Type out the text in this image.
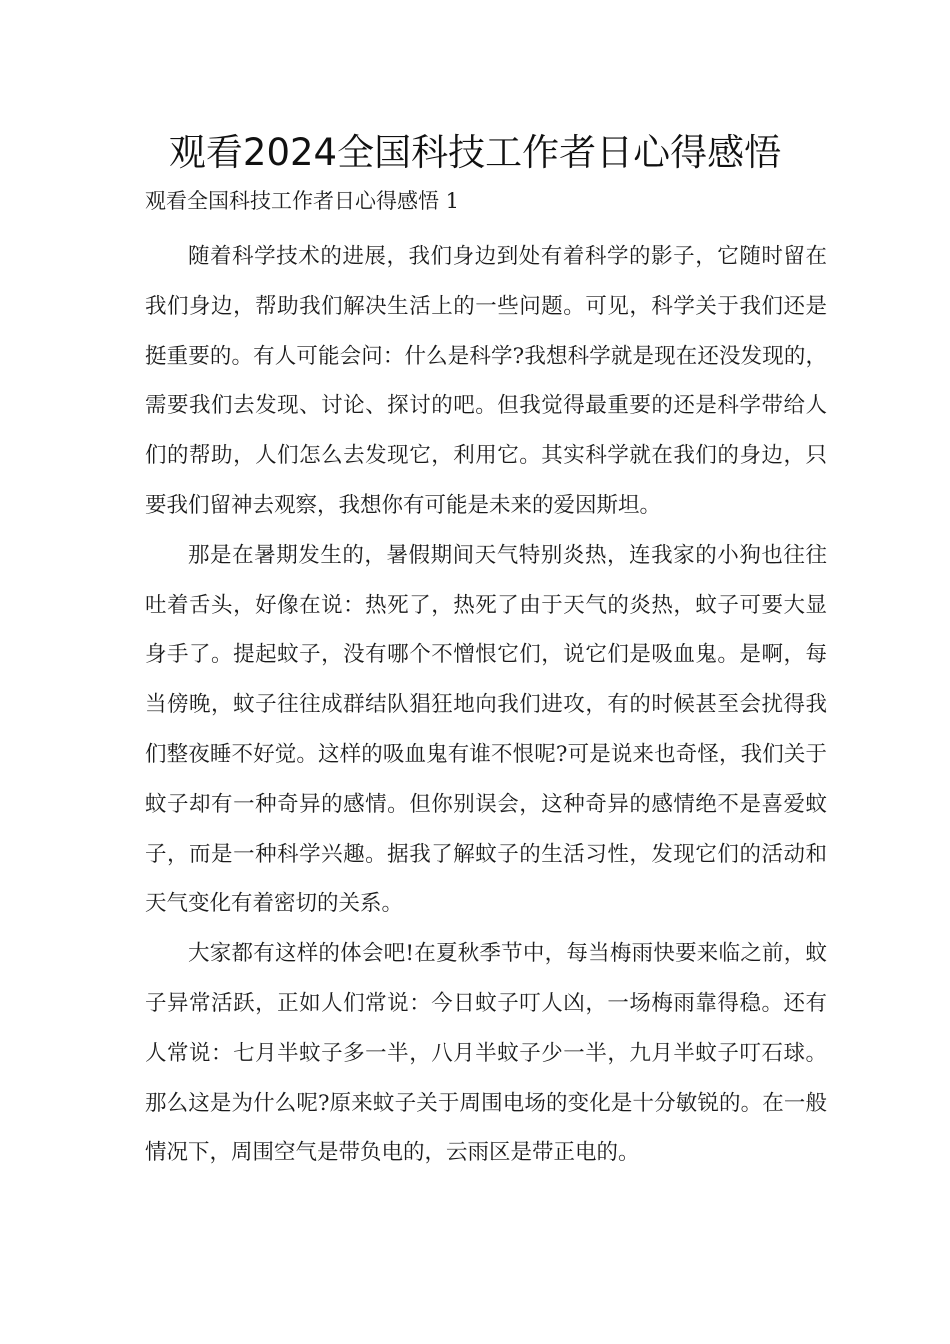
观看2024全国科技工作者日心得感悟

观看全国科技工作者日心得感悟 1

随着科学技术的进展，我们身边到处有着科学的影子，它随时留在我们身边，帮助我们解决生活上的一些问题。可见，科学关于我们还是挺重要的。有人可能会问：什么是科学?我想科学就是现在还没发现的，需要我们去发现、讨论、探讨的吧。但我觉得最重要的还是科学带给人们的帮助，人们怎么去发现它，利用它。其实科学就在我们的身边，只要我们留神去观察，我想你有可能是未来的爱因斯坦。

那是在暑期发生的，暑假期间天气特别炎热，连我家的小狗也往往吐着舌头，好像在说：热死了，热死了由于天气的炎热，蚊子可要大显身手了。提起蚊子，没有哪个不憎恨它们，说它们是吸血鬼。是啊，每当傍晚，蚊子往往成群结队猖狂地向我们进攻，有的时候甚至会扰得我们整夜睡不好觉。这样的吸血鬼有谁不恨呢?可是说来也奇怪，我们关于蚊子却有一种奇异的感情。但你别误会，这种奇异的感情绝不是喜爱蚊子，而是一种科学兴趣。据我了解蚊子的生活习性，发现它们的活动和天气变化有着密切的关系。

大家都有这样的体会吧!在夏秋季节中，每当梅雨快要来临之前，蚊子异常活跃，正如人们常说：今日蚊子叮人凶，一场梅雨靠得稳。还有人常说：七月半蚊子多一半，八月半蚊子少一半，九月半蚊子叮石球。那么这是为什么呢?原来蚊子关于周围电场的变化是十分敏锐的。在一般情况下，周围空气是带负电的，云雨区是带正电的。
